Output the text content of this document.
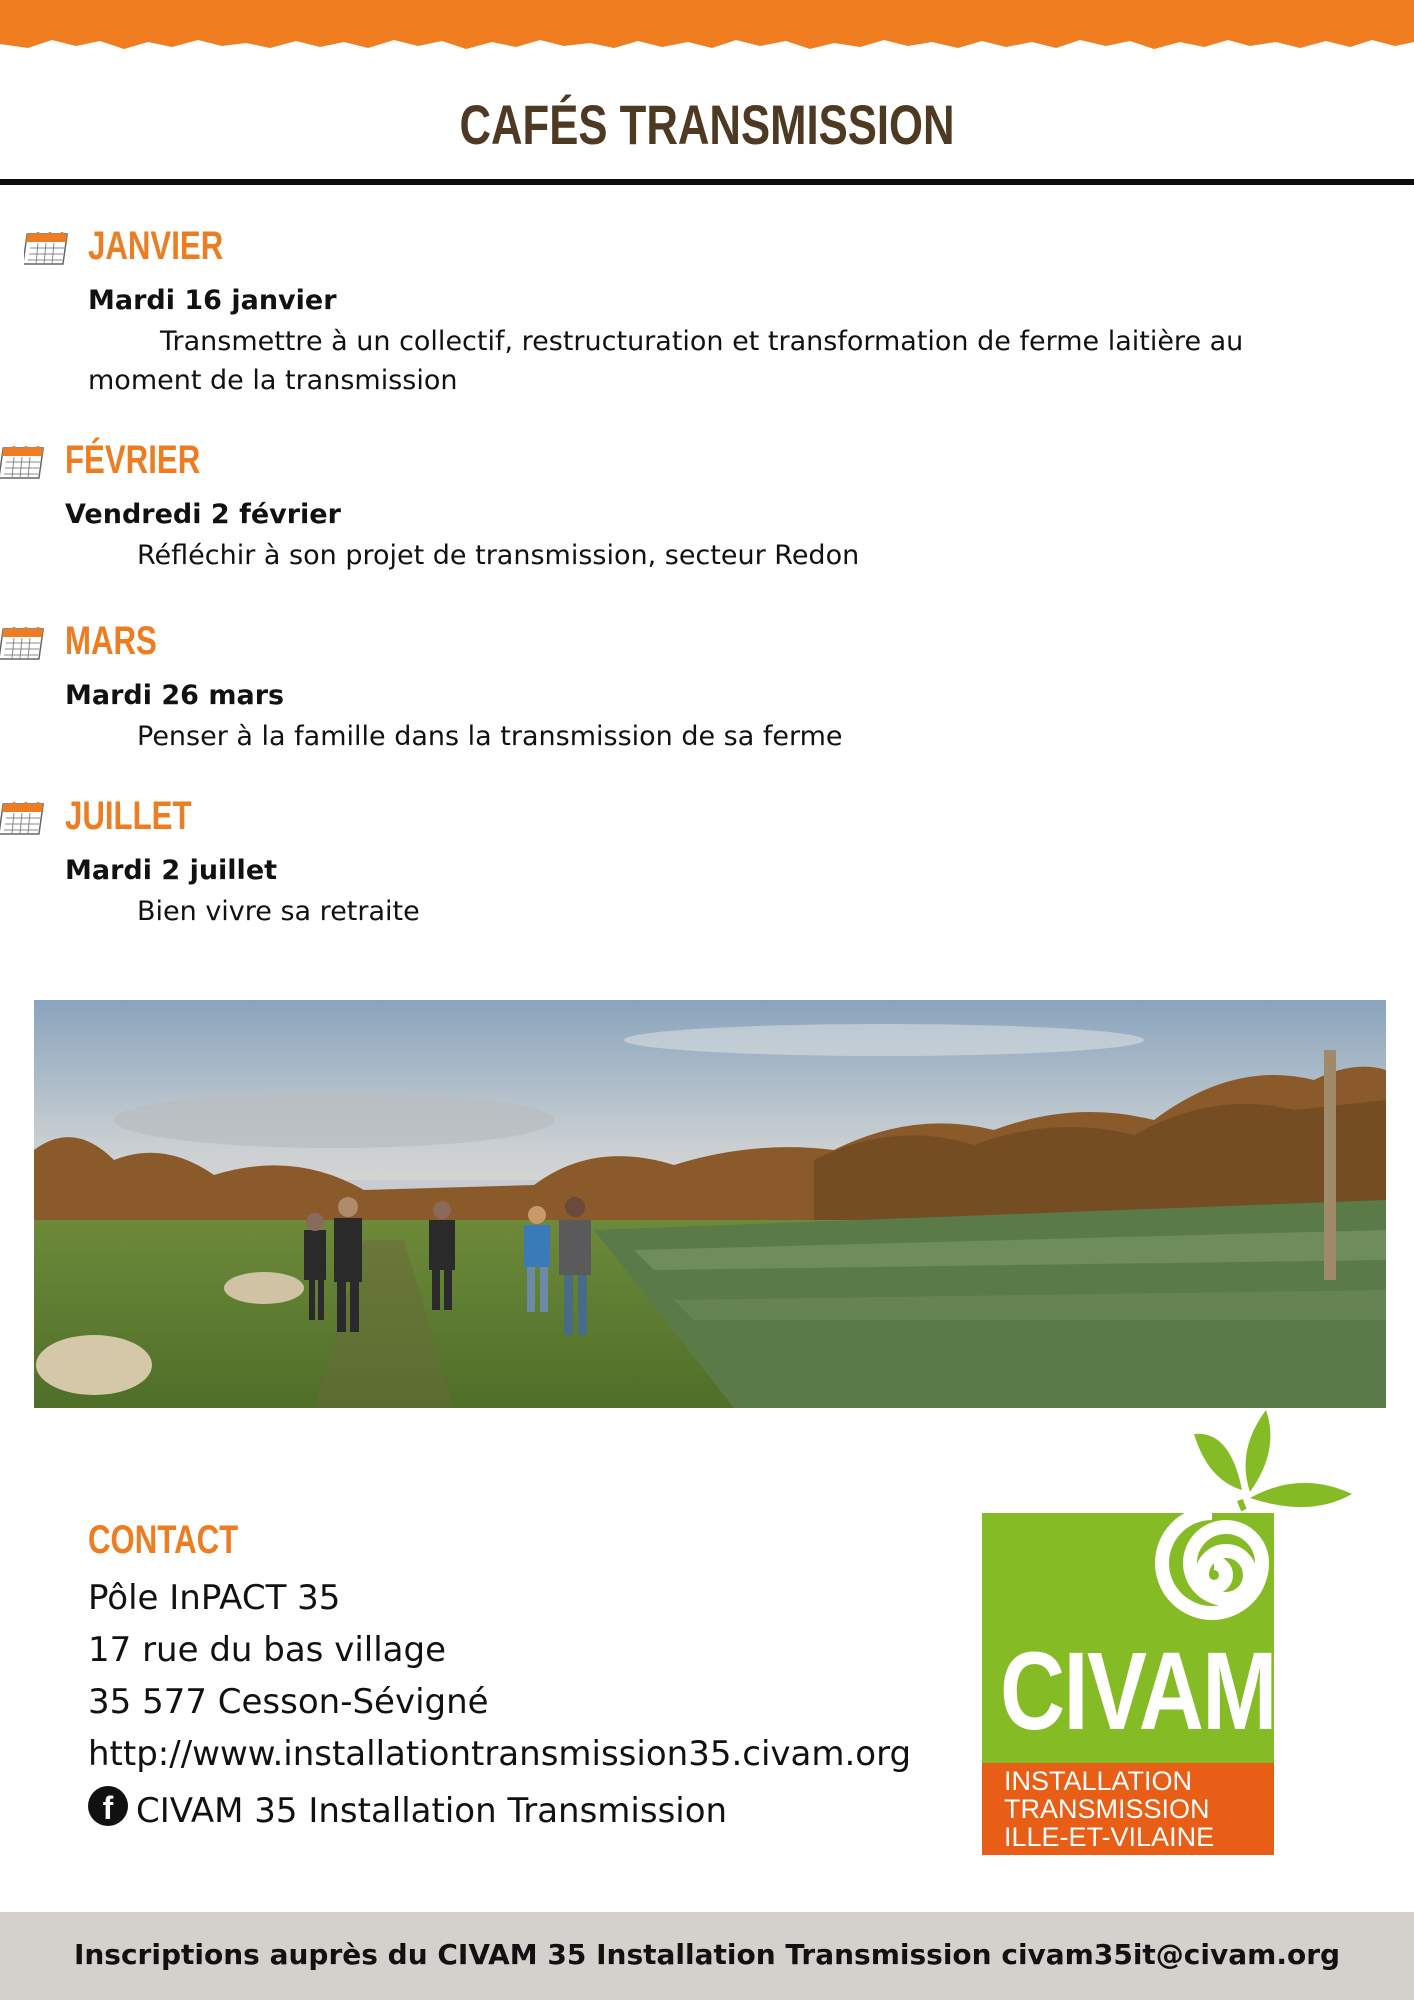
CAFÉS TRANSMISSION
JANVIER
Mardi 16 janvier
Transmettre à un collectif, restructuration et transformation de ferme laitière au
moment de la transmission
FÉVRIER
Vendredi 2 février
Réfléchir à son projet de transmission, secteur Redon
MARS
Mardi 26 mars
Penser à la famille dans la transmission de sa ferme
JUILLET
Mardi 2 juillet
Bien vivre sa retraite
CONTACT
Pôle InPACT 35
17 rue du bas village
35 577 Cesson-Sévigné
http://www.installationtransmission35.civam.org
f CIVAM 35 Installation Transmission
CIVAM
INSTALLATION
TRANSMISSION
ILLE-ET-VILAINE
Inscriptions auprès du CIVAM 35 Installation Transmission civam35it@civam.org
